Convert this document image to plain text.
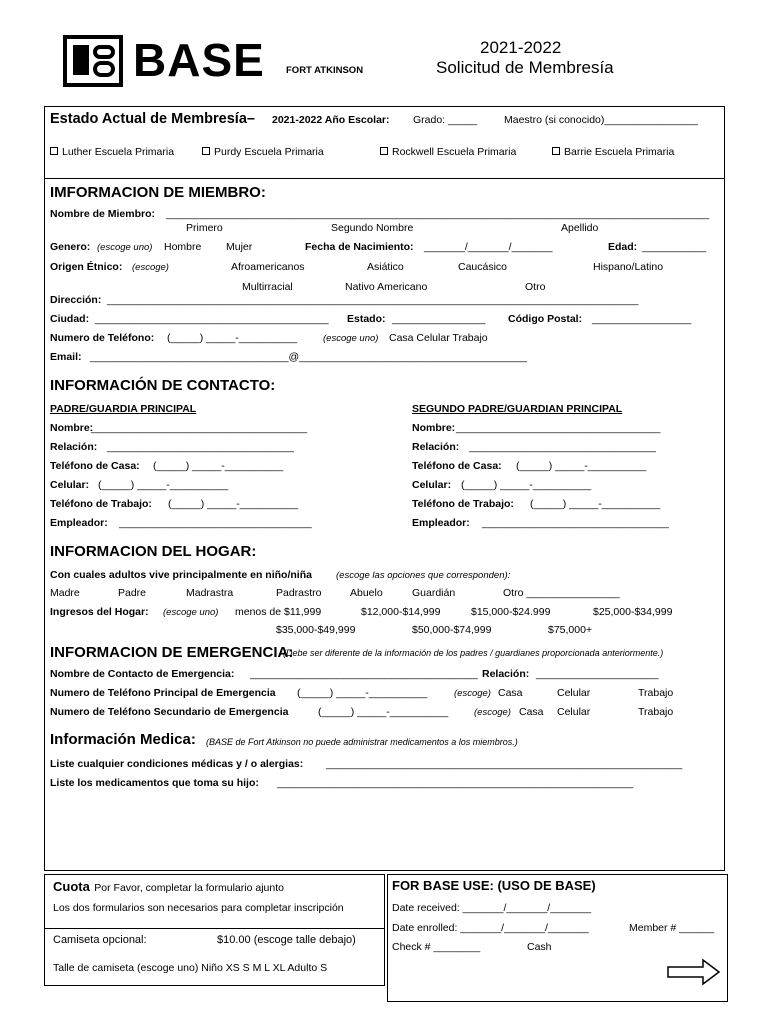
BASE FORT ATKINSON
2021-2022
Solicitud de Membresía
Estado Actual de Membresía– 2021-2022 Año Escolar: Grado: _____	Maestro (si conocido)________________
Luther Escuela Primaria	Purdy Escuela Primaria	Rockwell Escuela Primaria	Barrie Escuela Primaria
IMFORMACION DE MIEMBRO:
Nombre de Miembro: _____________________________________________________________________________________________
Primero	Segundo Nombre	Apellido
Genero: (escoge uno) Hombre Mujer	Fecha de Nacimiento: _______/_______/_______	Edad: ___________
Origen Étnico: (escoge)	Afroamericanos	Asiático	Caucásico	Hispano/Latino
Multirracial	Nativo Americano	Otro
Dirección: ___________________________________________________________________________________________
Ciudad: ________________________________________ Estado: ________________ Código Postal: _________________
Numero de Teléfono: (_____) _____-__________	(escoge uno) Casa Celular Trabajo
Email: __________________________________@_______________________________________
INFORMACIÓN DE CONTACTO:
PADRE/GUARDIA PRINCIPAL	SEGUNDO PADRE/GUARDIAN PRINCIPAL
Nombre:
_____________________________________
Relación: ________________________________
Teléfono de Casa: (_____) _____-__________
Celular: (_____) _____-__________
Teléfono de Trabajo: (_____) _____-__________
Empleador: _________________________________
Nombre: ___________________________________
Relación: ________________________________
Teléfono de Casa: (_____) _____-__________
Celular: (_____) _____-__________
Teléfono de Trabajo: (_____) _____-__________
Empleador: ________________________________
INFORMACION DEL HOGAR:
Con cuales adultos vive principalmente en niño/niña	(escoge las opciones que corresponden):
Madre	Padre	Madrastra	Padrastro	Abuelo	Guardián	Otro ________________
Ingresos del Hogar: (escoge uno) menos de $11,999	$12,000-$14,999	$15,000-$24.999	$25,000-$34,999
$35,000-$49,999	$50,000-$74,999	$75,000+
INFORMACION DE EMERGENCIA:
(Debe ser diferente de la información de los padres / guardianes proporcionada anteriormente.)
Nombre de Contacto de Emergencia: _______________________________________ Relación: _____________________
Numero de Teléfono Principal de Emergencia (_____) _____-__________	(escoge) Casa	Celular	Trabajo
Numero de Teléfono Secundario de Emergencia	(_____) _____-__________	(escoge) Casa Celular	Trabajo
Información Medica: (BASE de Fort Atkinson no puede administrar medicamentos a los miembros.)
Liste cualquier condiciones médicas y / o alergias: _____________________________________________________________
Liste los medicamentos que toma su hijo: _____________________________________________________________
Cuota Por Favor, completar la formulario ajunto
Los dos formularios son necesarios para completar inscripción
Camiseta opcional:	$10.00 (escoge talle debajo)
Talle de camiseta (escoge uno) Niño XS S M L XL Adulto S
FOR BASE USE: (USO DE BASE)
Date received: _______/_______/_______
Date enrolled: _______/_______/_______	Member # ______
Check # ________	Cash
